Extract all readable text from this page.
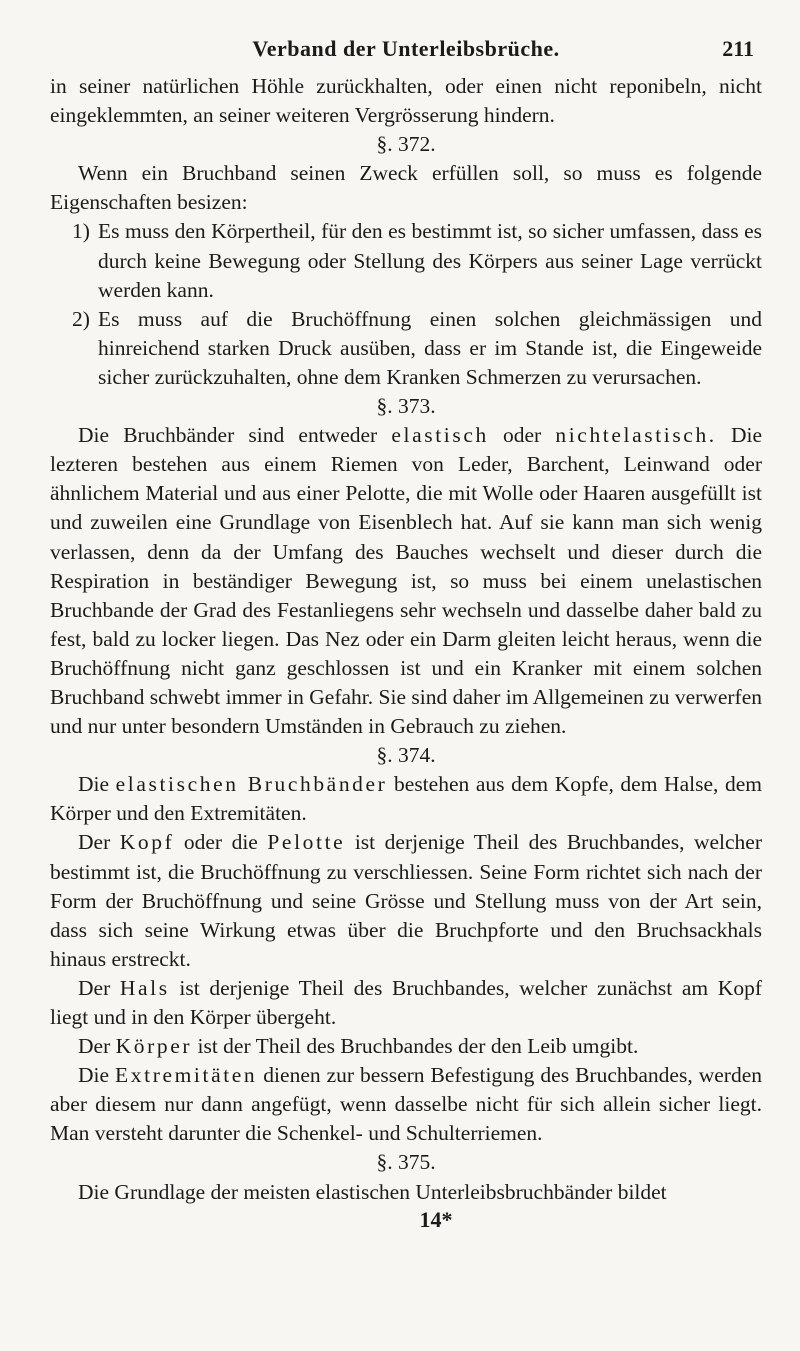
Verband der Unterleibsbrüche.	211

in seiner natürlichen Höhle zurückhalten, oder einen nicht reponibeln, nicht eingeklemmten, an seiner weiteren Vergrösserung hindern.

§. 372.

Wenn ein Bruchband seinen Zweck erfüllen soll, so muss es folgende Eigenschaften besizen:

1) Es muss den Körpertheil, für den es bestimmt ist, so sicher umfassen, dass es durch keine Bewegung oder Stellung des Körpers aus seiner Lage verrückt werden kann.
2) Es muss auf die Bruchöffnung einen solchen gleichmässigen und hinreichend starken Druck ausüben, dass er im Stande ist, die Eingeweide sicher zurückzuhalten, ohne dem Kranken Schmerzen zu verursachen.

§. 373.

Die Bruchbänder sind entweder elastisch oder nichtelastisch. Die lezteren bestehen aus einem Riemen von Leder, Barchent, Leinwand oder ähnlichem Material und aus einer Pelotte, die mit Wolle oder Haaren ausgefüllt ist und zuweilen eine Grundlage von Eisenblech hat. Auf sie kann man sich wenig verlassen, denn da der Umfang des Bauches wechselt und dieser durch die Respiration in beständiger Bewegung ist, so muss bei einem unelastischen Bruchbande der Grad des Festanliegens sehr wechseln und dasselbe daher bald zu fest, bald zu locker liegen. Das Nez oder ein Darm gleiten leicht heraus, wenn die Bruchöffnung nicht ganz geschlossen ist und ein Kranker mit einem solchen Bruchband schwebt immer in Gefahr. Sie sind daher im Allgemeinen zu verwerfen und nur unter besondern Umständen in Gebrauch zu ziehen.

§. 374.

Die elastischen Bruchbänder bestehen aus dem Kopfe, dem Halse, dem Körper und den Extremitäten.

Der Kopf oder die Pelotte ist derjenige Theil des Bruchbandes, welcher bestimmt ist, die Bruchöffnung zu verschliessen. Seine Form richtet sich nach der Form der Bruchöffnung und seine Grösse und Stellung muss von der Art sein, dass sich seine Wirkung etwas über die Bruchpforte und den Bruchsackhals hinaus erstreckt.

Der Hals ist derjenige Theil des Bruchbandes, welcher zunächst am Kopf liegt und in den Körper übergeht.

Der Körper ist der Theil des Bruchbandes der den Leib umgibt.

Die Extremitäten dienen zur bessern Befestigung des Bruchbandes, werden aber diesem nur dann angefügt, wenn dasselbe nicht für sich allein sicher liegt. Man versteht darunter die Schenkel- und Schulterriemen.

§. 375.

Die Grundlage der meisten elastischen Unterleibsbruchbänder bildet

14*
